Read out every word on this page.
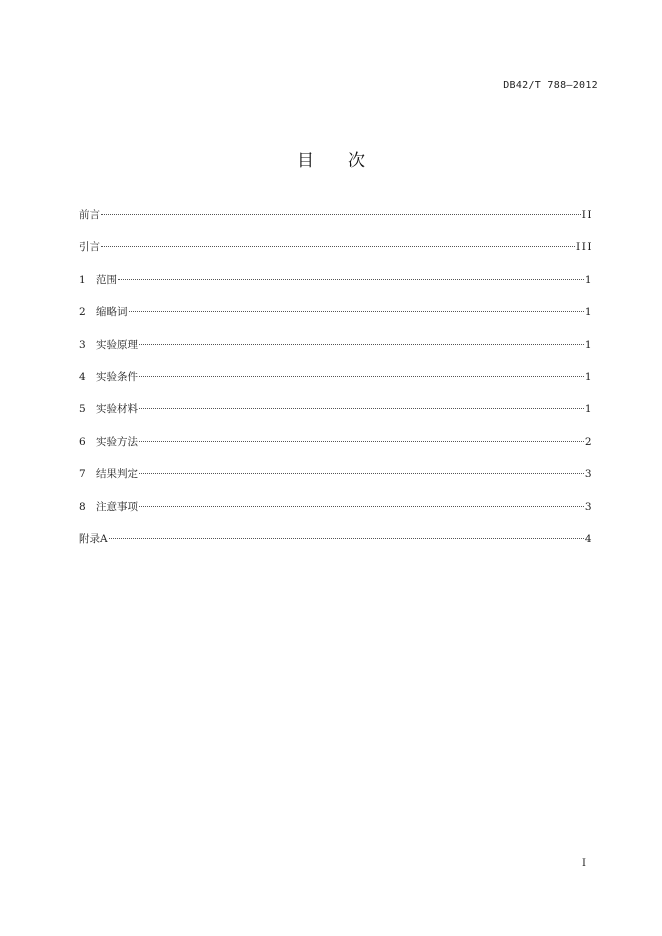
DB42/T 788—2012
目 次
前言	II
引言	III
1 范围	1
2 缩略词	1
3 实验原理	1
4 实验条件	1
5 实验材料	1
6 实验方法	2
7 结果判定	3
8 注意事项	3
附录A	4
I
